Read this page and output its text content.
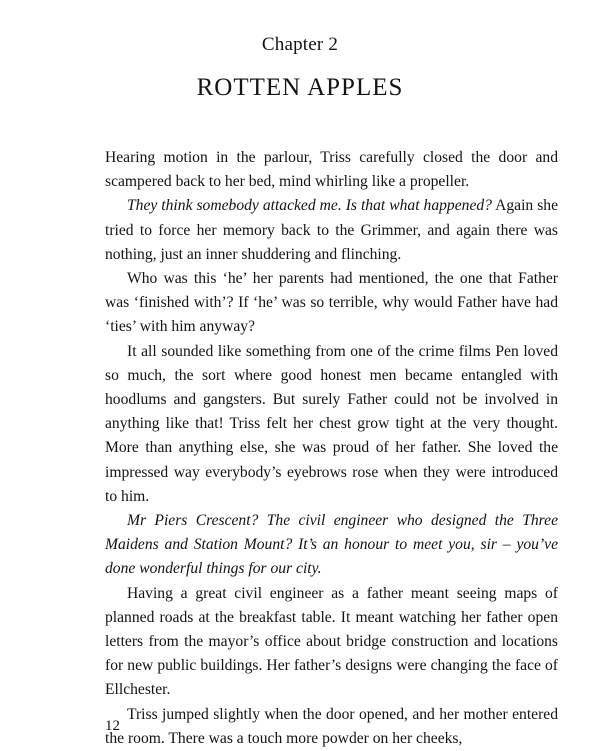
Chapter 2
ROTTEN APPLES

Hearing motion in the parlour, Triss carefully closed the door and scampered back to her bed, mind whirling like a propeller.

They think somebody attacked me. Is that what happened? Again she tried to force her memory back to the Grimmer, and again there was nothing, just an inner shuddering and flinching.

Who was this ‘he’ her parents had mentioned, the one that Father was ‘finished with’? If ‘he’ was so terrible, why would Father have had ‘ties’ with him anyway?

It all sounded like something from one of the crime films Pen loved so much, the sort where good honest men became entangled with hoodlums and gangsters. But surely Father could not be involved in anything like that! Triss felt her chest grow tight at the very thought. More than anything else, she was proud of her father. She loved the impressed way everybody’s eyebrows rose when they were introduced to him.

Mr Piers Crescent? The civil engineer who designed the Three Maidens and Station Mount? It’s an honour to meet you, sir – you’ve done wonderful things for our city.

Having a great civil engineer as a father meant seeing maps of planned roads at the breakfast table. It meant watching her father open letters from the mayor’s office about bridge construction and locations for new public buildings. Her father’s designs were changing the face of Ellchester.

Triss jumped slightly when the door opened, and her mother entered the room. There was a touch more powder on her cheeks,

12
